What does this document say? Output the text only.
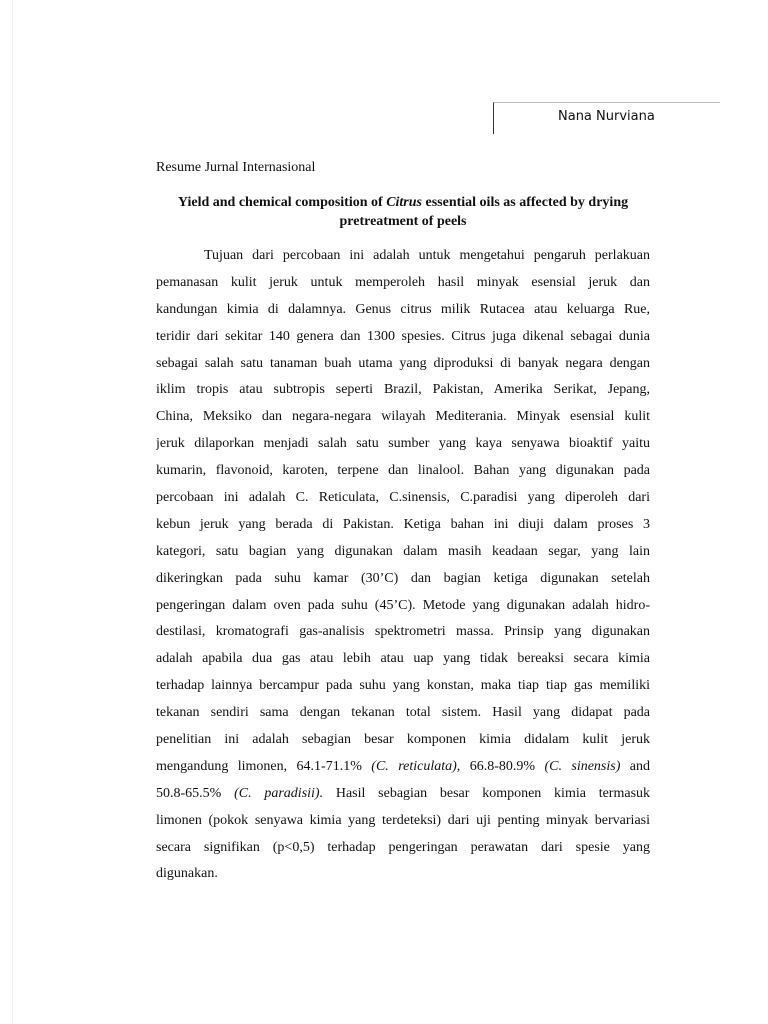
Nana Nurviana
Resume Jurnal Internasional
Yield and chemical composition of Citrus essential oils as affected by drying
pretreatment of peels
Tujuan dari percobaan ini adalah untuk mengetahui pengaruh perlakuan
pemanasan kulit jeruk untuk memperoleh hasil minyak esensial jeruk dan
kandungan kimia di dalamnya. Genus citrus milik Rutacea atau keluarga Rue,
teridir dari sekitar 140 genera dan 1300 spesies. Citrus juga dikenal sebagai dunia
sebagai salah satu tanaman buah utama yang diproduksi di banyak negara dengan
iklim tropis atau subtropis seperti Brazil, Pakistan, Amerika Serikat, Jepang,
China, Meksiko dan negara-negara wilayah Mediterania. Minyak esensial kulit
jeruk dilaporkan menjadi salah satu sumber yang kaya senyawa bioaktif yaitu
kumarin, flavonoid, karoten, terpene dan linalool. Bahan yang digunakan pada
percobaan ini adalah C. Reticulata, C.sinensis, C.paradisi yang diperoleh dari
kebun jeruk yang berada di Pakistan. Ketiga bahan ini diuji dalam proses 3
kategori, satu bagian yang digunakan dalam masih keadaan segar, yang lain
dikeringkan pada suhu kamar (30’C) dan bagian ketiga digunakan setelah
pengeringan dalam oven pada suhu (45’C). Metode yang digunakan adalah hidro-
destilasi, kromatografi gas-analisis spektrometri massa. Prinsip yang digunakan
adalah apabila dua gas atau lebih atau uap yang tidak bereaksi secara kimia
terhadap lainnya bercampur pada suhu yang konstan, maka tiap tiap gas memiliki
tekanan sendiri sama dengan tekanan total sistem. Hasil yang didapat pada
penelitian ini adalah sebagian besar komponen kimia didalam kulit jeruk
mengandung limonen, 64.1-71.1% (C. reticulata), 66.8-80.9% (C. sinensis) and
50.8-65.5% (C. paradisii). Hasil sebagian besar komponen kimia termasuk
limonen (pokok senyawa kimia yang terdeteksi) dari uji penting minyak bervariasi
secara signifikan (p<0,5) terhadap pengeringan perawatan dari spesie yang
digunakan.
